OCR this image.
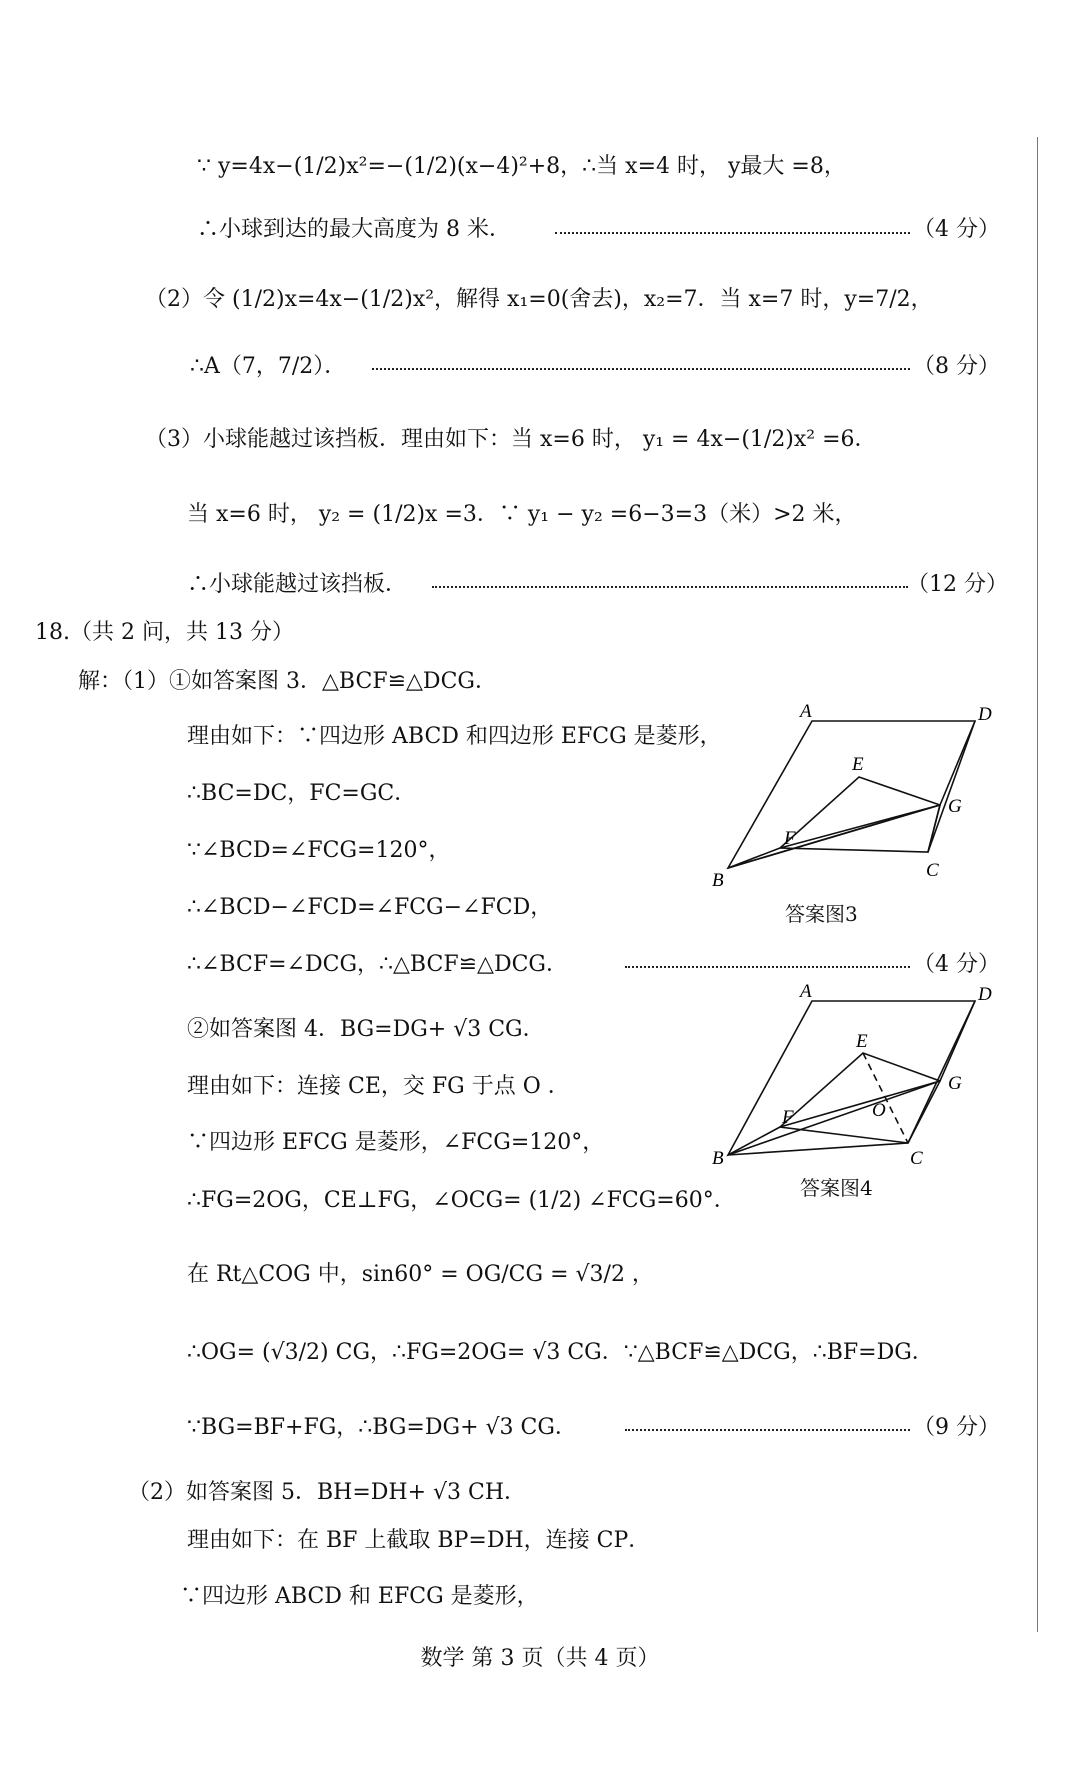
∵ y=4x−(1/2)x²=−(1/2)(x−4)²+8，∴当 x=4 时， y最大 =8，
∴小球到达的最大高度为 8 米．	（4 分）
（2）令 (1/2)x=4x−(1/2)x²，解得 x₁=0(舍去)，x₂=7．当 x=7 时，y=7/2，
∴A（7，7/2）．	（8 分）
（3）小球能越过该挡板．理由如下：当 x=6 时， y₁ = 4x−(1/2)x² =6．
当 x=6 时， y₂ = (1/2)x =3．∵ y₁ − y₂ =6−3=3（米）>2 米，
∴小球能越过该挡板．	（12 分）
18.（共 2 问，共 13 分）
解：（1）①如答案图 3．△BCF≌△DCG．
理由如下：∵四边形 ABCD 和四边形 EFCG 是菱形，
∴BC=DC，FC=GC．
∵∠BCD=∠FCG=120°，
∴∠BCD−∠FCD=∠FCG−∠FCD，
∴∠BCF=∠DCG，∴△BCF≌△DCG．	（4 分）
A	D
E
G
F
B	C
答案图3
②如答案图 4．BG=DG+ √3 CG．
理由如下：连接 CE，交 FG 于点 O ．
∵四边形 EFCG 是菱形，∠FCG=120°，
∴FG=2OG，CE⊥FG，∠OCG= (1/2) ∠FCG=60°．
E
A	D
G
F	O
B	C
答案图4
在 Rt△COG 中，sin60° = OG/CG = √3/2 ，
∴OG= (√3/2) CG，∴FG=2OG= √3 CG．∵△BCF≌△DCG，∴BF=DG．
∵BG=BF+FG，∴BG=DG+ √3 CG．	（9 分）
（2）如答案图 5．BH=DH+ √3 CH．
理由如下：在 BF 上截取 BP=DH，连接 CP．
∵四边形 ABCD 和 EFCG 是菱形，
数学 第 3 页（共 4 页）
